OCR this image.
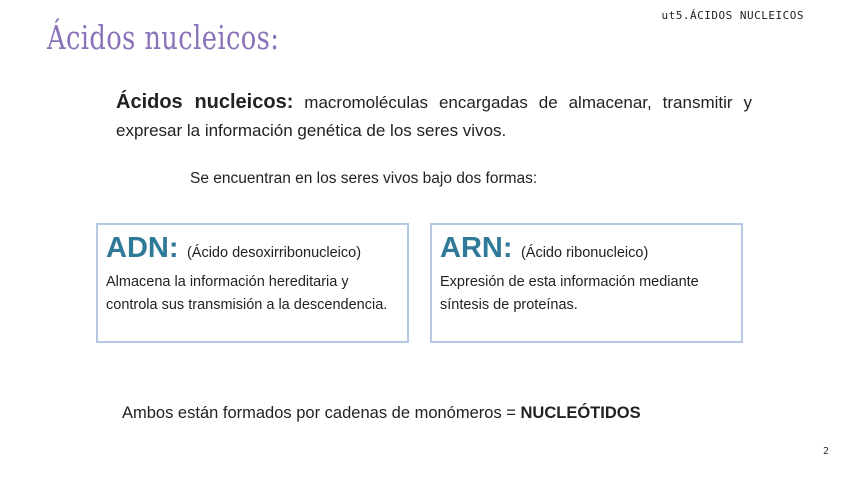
ut5.ÁCIDOS NUCLEICOS
Ácidos nucleicos:
Ácidos nucleicos: macromoléculas encargadas de almacenar, transmitir y expresar la información genética de los seres vivos.
Se encuentran en los seres vivos bajo dos formas:
ADN: (Ácido desoxirribonucleico)
Almacena la información hereditaria y controla sus transmisión a la descendencia.
ARN: (Ácido ribonucleico)
Expresión de esta información mediante síntesis de proteínas.
Ambos están formados por cadenas de monómeros = NUCLEÓTIDOS
2
